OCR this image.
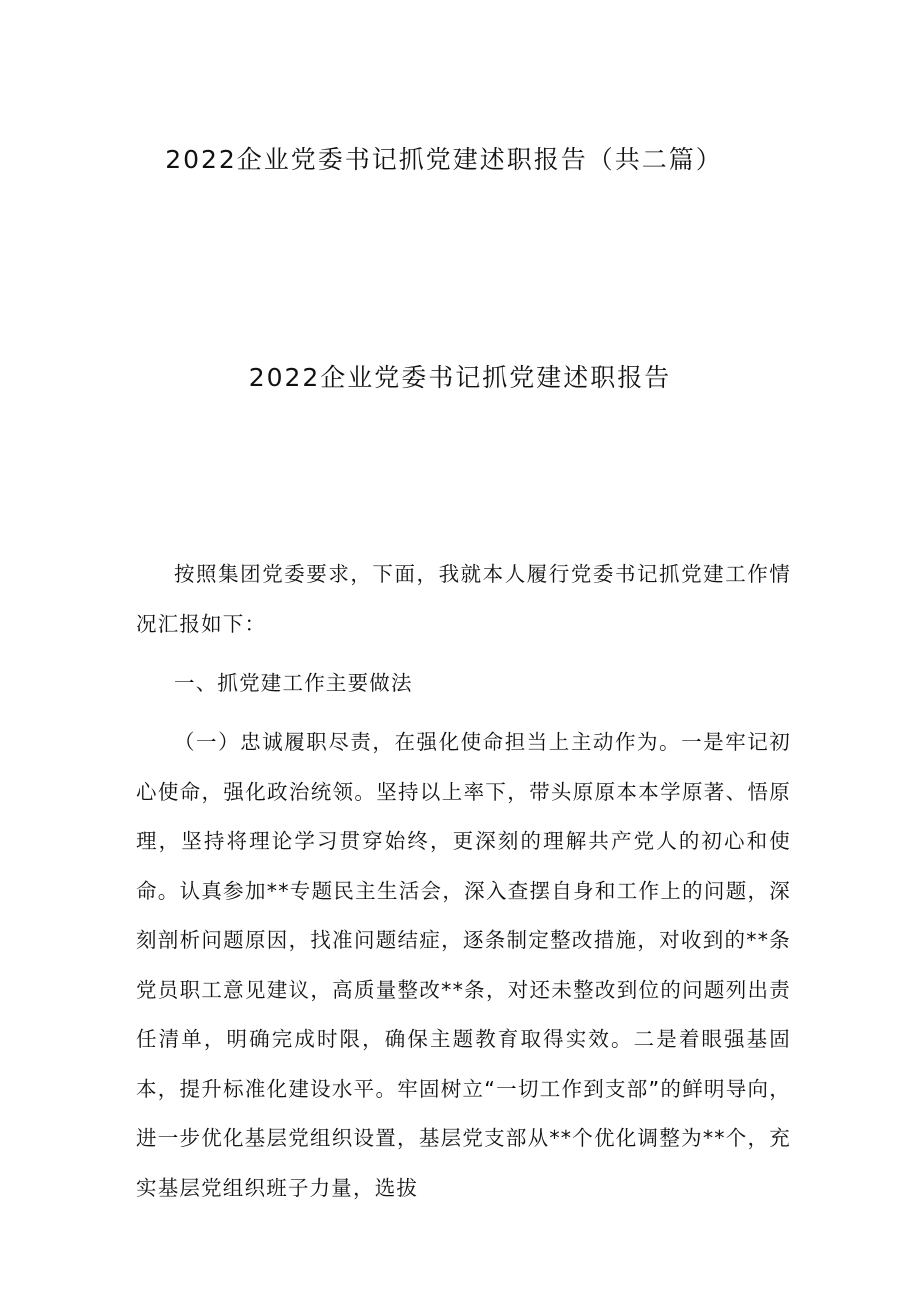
2022企业党委书记抓党建述职报告（共二篇）
2022企业党委书记抓党建述职报告

按照集团党委要求，下面，我就本人履行党委书记抓党建工作情况汇报如下：

一、抓党建工作主要做法

（一）忠诚履职尽责，在强化使命担当上主动作为。一是牢记初心使命，强化政治统领。坚持以上率下，带头原原本本学原著、悟原理，坚持将理论学习贯穿始终，更深刻的理解共产党人的初心和使命。认真参加**专题民主生活会，深入查摆自身和工作上的问题，深刻剖析问题原因，找准问题结症，逐条制定整改措施，对收到的**条党员职工意见建议，高质量整改**条，对还未整改到位的问题列出责任清单，明确完成时限，确保主题教育取得实效。二是着眼强基固本，提升标准化建设水平。牢固树立“一切工作到支部”的鲜明导向，进一步优化基层党组织设置，基层党支部从**个优化调整为**个，充实基层党组织班子力量，选拔
